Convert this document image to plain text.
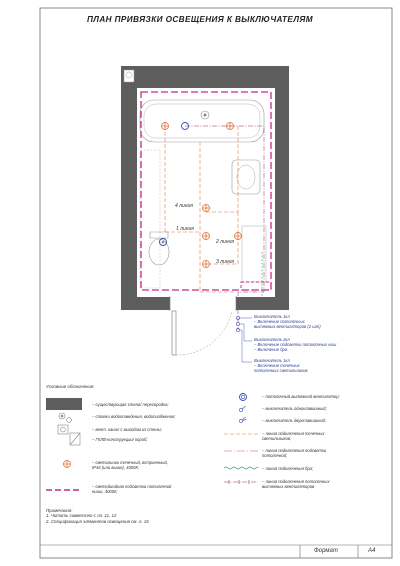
ПЛАН ПРИВЯЗКИ ОСВЕЩЕНИЯ К ВЫКЛЮЧАТЕЛЯМ
4 линия
1 линия
2 линия
3 линия
Выключатель 1кл
– Включение потолочных
вытяжных вентиляторов (2 шт)
Выключатель 2кл
– Включение подсветки потолочных ниш
– Включение бра
Выключатель 1кл
– Включение точечных
потолочных светильников
Условные обозначения:
– существующая стена/ перегородка;
– стояки водоотведения, водоснабжения;
– вент. канал с выходом из стены;
– ГКЛВ-конструкции/ короб;
– светильник точечный, встроенный,
IP44 (или выше), 4000К;
– светодиодная подсветка потолочной
ниши, 4000К;
– потолочный вытяжной вентилятор;
– выключатель одноклавишный;
– выключатель двухклавишный;
– линия подключения точечных
светильников;
– линия подключения подсветки
потолочной;
– линия подключения бра;
– линия подключения потолочных
вытяжных вентиляторов
Примечания:
1. Читать совместно с лл. 11, 12
2. Спецификация элементов освещения см. л. 16
Формат	А4
